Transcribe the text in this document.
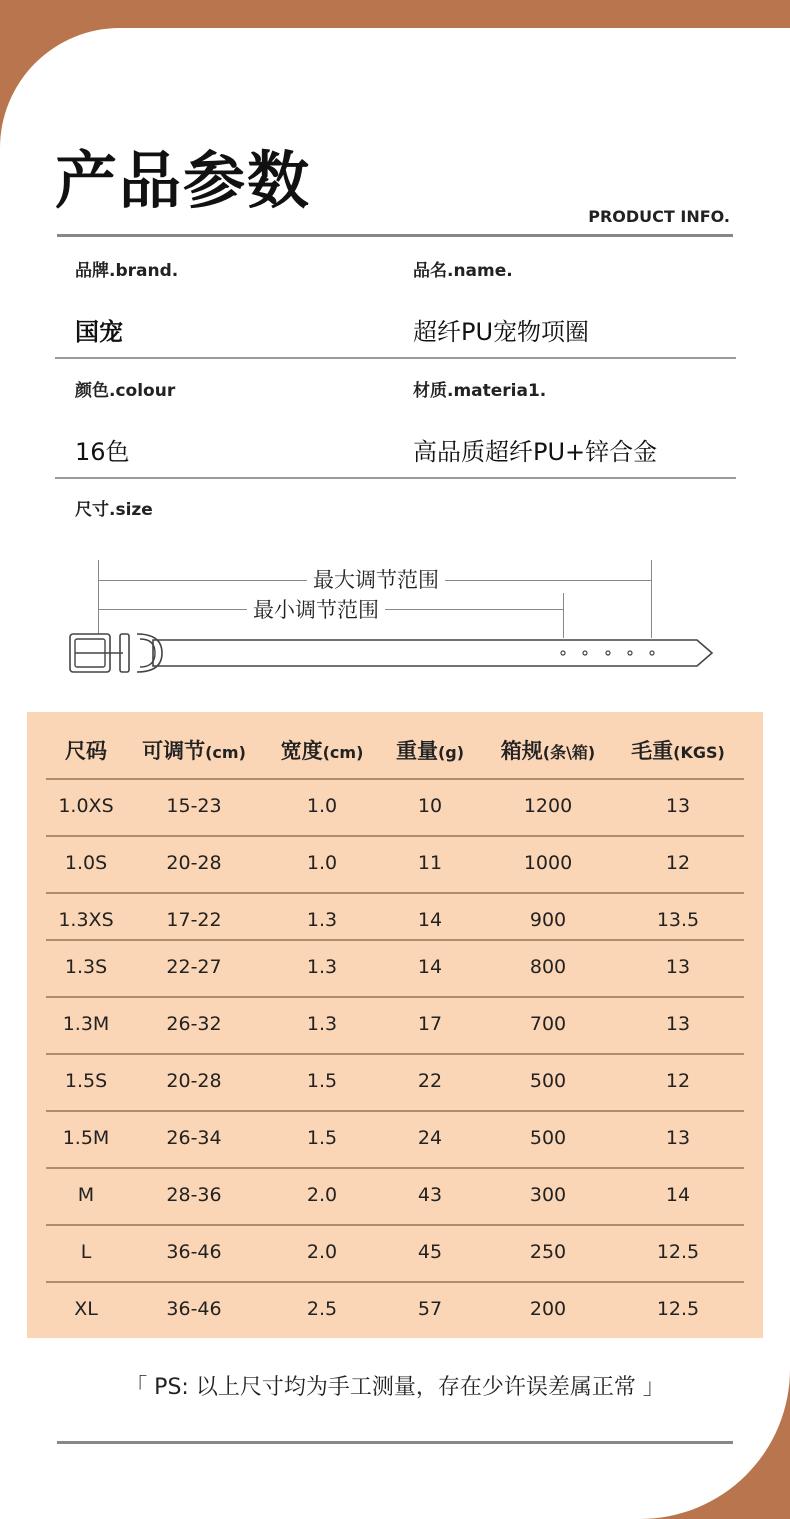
产品参数	PRODUCT INFO.
品牌.brand.	品名.name.
国宠	超纤PU宠物项圈
颜色.colour	材质.materia1.
16色	高品质超纤PU+锌合金
尺寸.size
最大调节范围
最小调节范围
尺码	可调节(cm)	宽度(cm)	重量(g)	箱规(条\箱)	毛重(KGS)
1.0XS	15-23	1.0	10	1200	13
1.0S	20-28	1.0	11	1000	12
1.3XS	17-22	1.3	14	900	13.5
1.3S	22-27	1.3	14	800	13
1.3M	26-32	1.3	17	700	13
1.5S	20-28	1.5	22	500	12
1.5M	26-34	1.5	24	500	13
M	28-36	2.0	43	300	14
L	36-46	2.0	45	250	12.5
XL	36-46	2.5	57	200	12.5
「 PS: 以上尺寸均为手工测量，存在少许误差属正常 」
